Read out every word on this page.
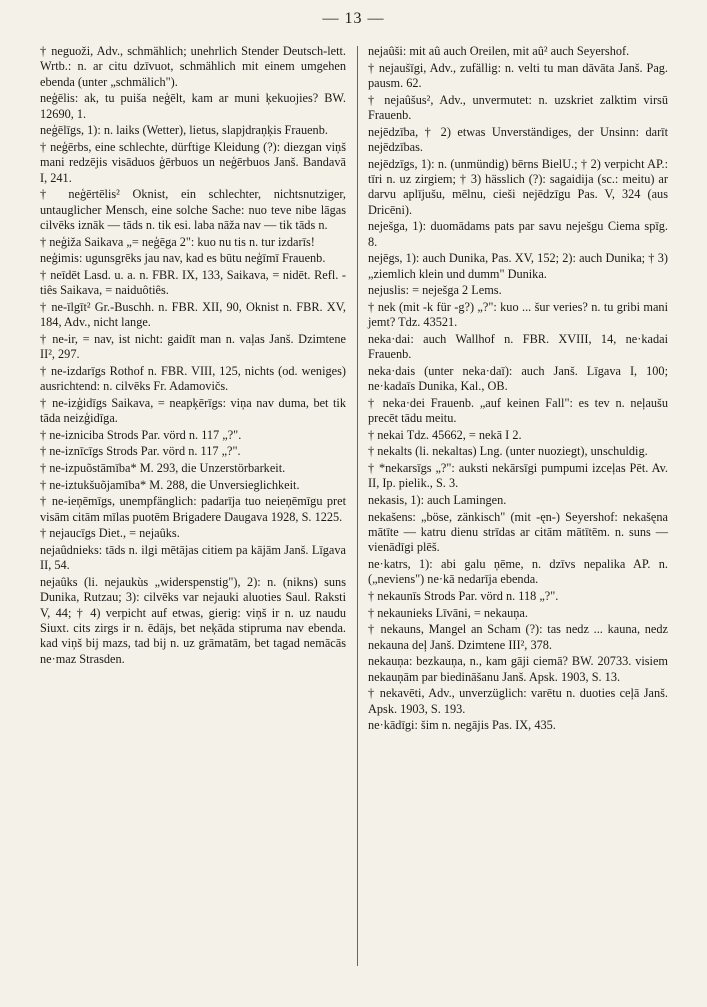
— 13 —

† neguoži, Adv., schmählich; unehrlich Stender Deutsch-lett. Wrtb.: n. ar citu dzīvuot, schmählich mit einem umgehen ebenda (unter „schmälich").

neģēlis: ak, tu puiša neģēlt, kam ar muni ķekuojies? BW. 12690, 1.

neģēlīgs, 1): n. laiks (Wetter), lietus, slapjdraņķis Frauenb.

† neģērbs, eine schlechte, dürftige Kleidung (?): diezgan viņš mani redzējis visāduos ģērbuos un neģērbuos Janš. Bandavā I, 241.

† neģērtēlis² Oknist, ein schlechter, nichtsnutziger, untauglicher Mensch, eine solche Sache: nuo teve nibe lāgas cilvēks iznāk — tāds n. tik esi. laba nāža nav — tik tāds n.

† neģiža Saikava „= neģēga 2": kuo nu tis n. tur izdarīs!

neģimis: ugunsgrēks jau nav, kad es būtu neģīmī Frauenb.

† neīdēt Lasd. u. a. n. FBR. IX, 133, Saikava, = nidēt. Refl. -tiês Saikava, = naiduôtiês.

† ne-īlgīt² Gr.-Buschh. n. FBR. XII, 90, Oknist n. FBR. XV, 184, Adv., nicht lange.

† ne-ir, = nav, ist nicht: gaidīt man n. vaļas Janš. Dzimtene II², 297.

† ne-izdarīgs Rothof n. FBR. VIII, 125, nichts (od. weniges) ausrichtend: n. cilvēks Fr. Adamovičs.

† ne-izģidīgs Saikava, = neapķērīgs: viņa nav duma, bet tik tāda neizģidīga.

† ne-izniciba Strods Par. vörd n. 117 „?".

† ne-iznīcīgs Strods Par. vörd n. 117 „?".

† ne-izpuõstāmība* M. 293, die Unzerstörbarkeit.

† ne-iztukšuõjamība* M. 288, die Unversieglichkeit.

† ne-ieņēmīgs, unempfänglich: padarīja tuo neieņēmīgu pret visām citām mīlas puotēm Brigadere Daugava 1928, S. 1225.

† nejaucīgs Diet., = nejaûks.

nejaûdnieks: tāds n. ilgi mētājas citiem pa kājām Janš. Līgava II, 54.

nejaûks (li. nejaukùs „widerspenstig"), 2): n. (nikns) suns Dunika, Rutzau; 3): cilvēks var nejauki aluoties Saul. Raksti V, 44; † 4) verpicht auf etwas, gierig: viņš ir n. uz naudu Siuxt. cits zirgs ir n. ēdājs, bet neķāda stipruma nav ebenda. kad viņš bij mazs, tad bij n. uz grāmatām, bet tagad nemācās ne·maz Strasden.

nejaûši: mit aû auch Oreilen, mit aû² auch Seyershof.

† nejaušīgi, Adv., zufällig: n. velti tu man dāvāta Janš. Pag. pausm. 62.

† nejaûšus², Adv., unvermutet: n. uzskriet zalktim virsū Frauenb.

nejēdzība, † 2) etwas Unverständiges, der Unsinn: darīt nejēdzības.

nejēdzīgs, 1): n. (unmündig) bērns BielU.; † 2) verpicht AP.: tīri n. uz zirgiem; † 3) hässlich (?): sagaidija (sc.: meitu) ar darvu aplījušu, mēlnu, cieši nejēdzīgu Pas. V, 324 (aus Dricēni).

neješga, 1): duomādams pats par savu neješgu Ciema spīg. 8.

nejēgs, 1): auch Dunika, Pas. XV, 152; 2): auch Dunika; † 3) „ziemlich klein und dumm" Dunika.

nejuslis: = neješga 2 Lems.

† nek (mit -k für -g?) „?": kuo ... šur veries? n. tu gribi mani jemt? Tdz. 43521.

neka·dai: auch Wallhof n. FBR. XVIII, 14, ne·kadai Frauenb.

neka·dais (unter neka·daī): auch Janš. Līgava I, 100; ne·kadaīs Dunika, Kal., OB.

† neka·dei Frauenb. „auf keinen Fall": es tev n. neļaušu precēt tādu meitu.

† nekai Tdz. 45662, = nekā I 2.

† nekalts (li. nekaltas) Lng. (unter nuoziegt), unschuldig.

† *nekarsīgs „?": auksti nekārsīgi pumpumi izceļas Pēt. Av. II, Ip. pielik., S. 3.

nekasis, 1): auch Lamingen.

nekašens: „böse, zänkisch" (mit -ęn-) Seyershof: nekašęna mātīte — katru dienu strīdas ar citām mātītēm. n. suns — vienādīgi plēš.

ne·katrs, 1): abi galu ņēme, n. dzīvs nepalika AP. n. („neviens") ne·kā nedarīja ebenda.

† nekaunīs Strods Par. vörd n. 118 „?".

† nekaunieks Līvāni, = nekauņa.

† nekauns, Mangel an Scham (?): tas nedz ... kauna, nedz nekauna deļ Janš. Dzimtene III², 378.

nekauņa: bezkauņa, n., kam gāji ciemā? BW. 20733. visiem nekauņām par biedināšanu Janš. Apsk. 1903, S. 13.

† nekavēti, Adv., unverzüglich: varētu n. duoties ceļā Janš. Apsk. 1903, S. 193.

ne·kādīgi: šim n. negājis Pas. IX, 435.
